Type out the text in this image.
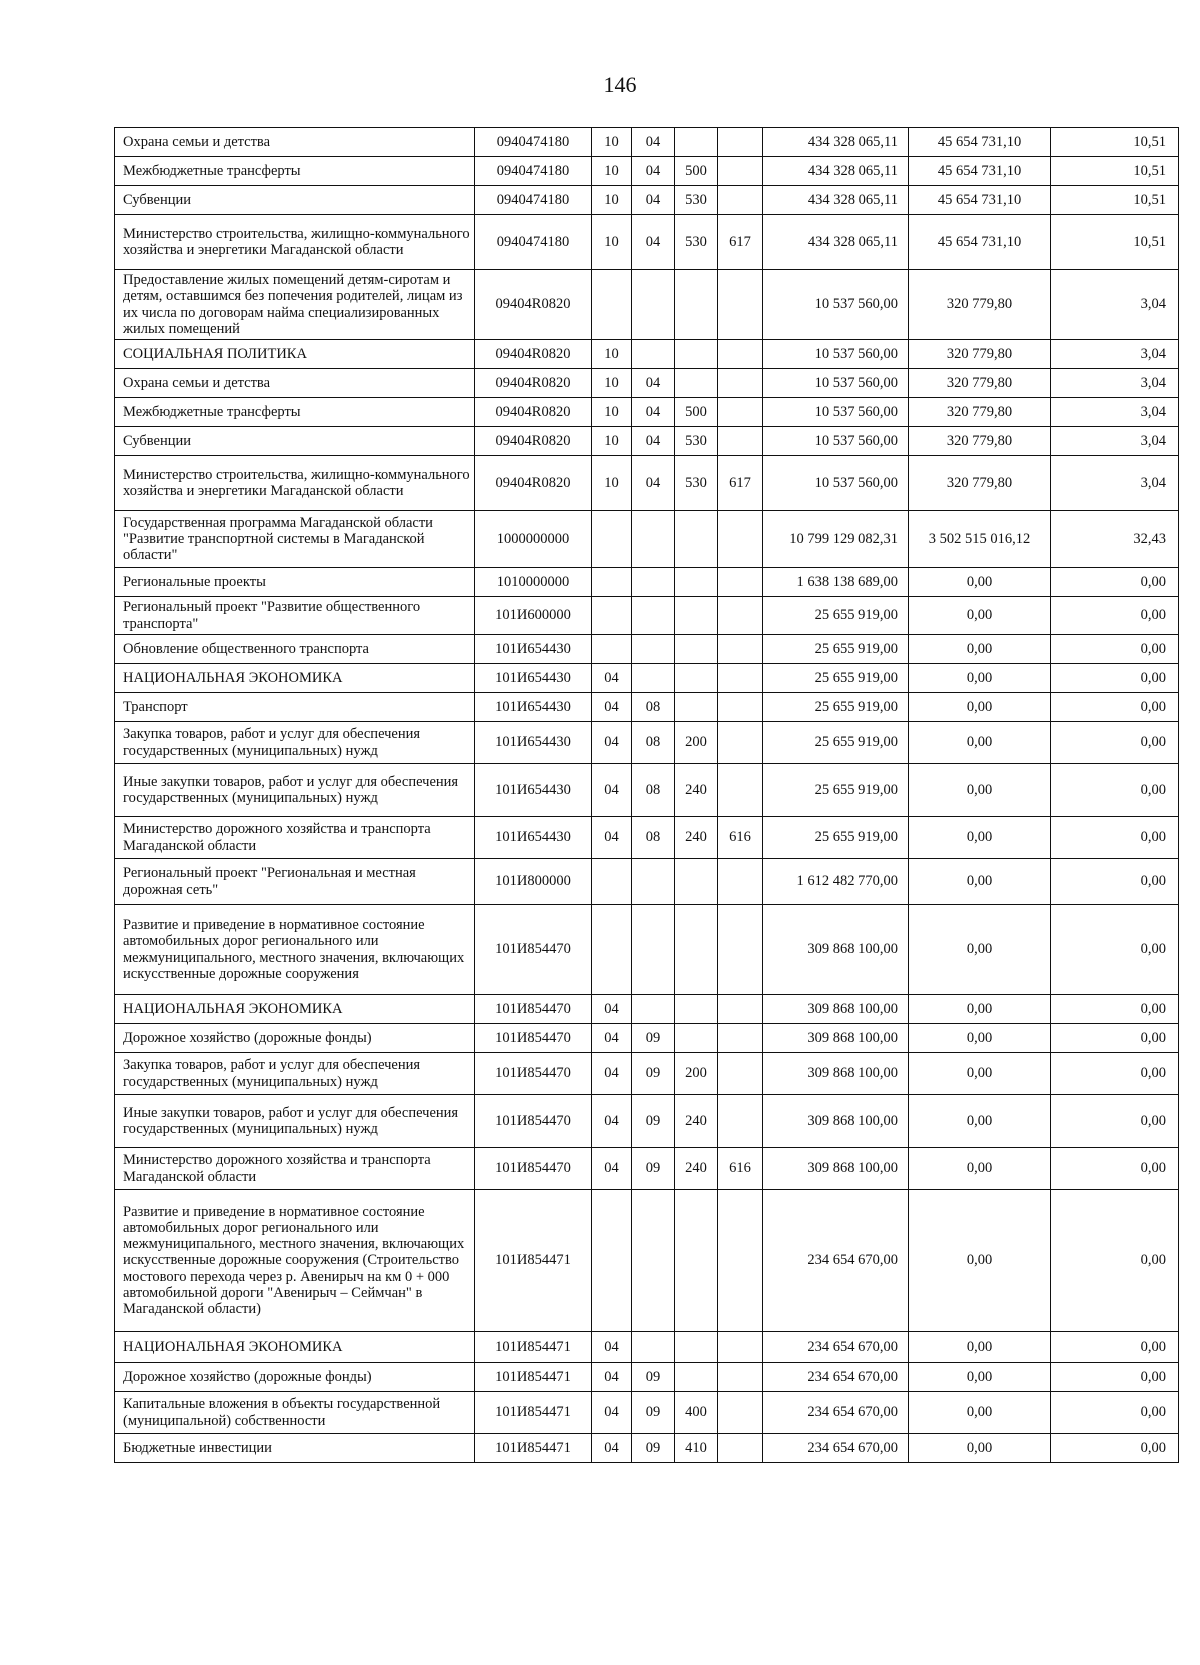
146
Охрана семьи и детства	0940474180	10	04			434 328 065,11	45 654 731,10	10,51
Межбюджетные трансферты	0940474180	10	04	500		434 328 065,11	45 654 731,10	10,51
Субвенции	0940474180	10	04	530		434 328 065,11	45 654 731,10	10,51
Министерство строительства, жилищно-коммунального хозяйства и энергетики Магаданской области	0940474180	10	04	530	617	434 328 065,11	45 654 731,10	10,51
Предоставление жилых помещений детям-сиротам и детям, оставшимся без попечения родителей, лицам из их числа по договорам найма специализированных жилых помещений	09404R0820					10 537 560,00	320 779,80	3,04
СОЦИАЛЬНАЯ ПОЛИТИКА	09404R0820	10				10 537 560,00	320 779,80	3,04
Охрана семьи и детства	09404R0820	10	04			10 537 560,00	320 779,80	3,04
Межбюджетные трансферты	09404R0820	10	04	500		10 537 560,00	320 779,80	3,04
Субвенции	09404R0820	10	04	530		10 537 560,00	320 779,80	3,04
Министерство строительства, жилищно-коммунального хозяйства и энергетики Магаданской области	09404R0820	10	04	530	617	10 537 560,00	320 779,80	3,04
Государственная программа Магаданской области "Развитие транспортной системы в Магаданской области"	1000000000					10 799 129 082,31	3 502 515 016,12	32,43
Региональные проекты	1010000000					1 638 138 689,00	0,00	0,00
Региональный проект "Развитие общественного транспорта"	101И600000					25 655 919,00	0,00	0,00
Обновление общественного транспорта	101И654430					25 655 919,00	0,00	0,00
НАЦИОНАЛЬНАЯ ЭКОНОМИКА	101И654430	04				25 655 919,00	0,00	0,00
Транспорт	101И654430	04	08			25 655 919,00	0,00	0,00
Закупка товаров, работ и услуг для обеспечения государственных (муниципальных) нужд	101И654430	04	08	200		25 655 919,00	0,00	0,00
Иные закупки товаров, работ и услуг для обеспечения государственных (муниципальных) нужд	101И654430	04	08	240		25 655 919,00	0,00	0,00
Министерство дорожного хозяйства и транспорта Магаданской области	101И654430	04	08	240	616	25 655 919,00	0,00	0,00
Региональный проект "Региональная и местная дорожная сеть"	101И800000					1 612 482 770,00	0,00	0,00
Развитие и приведение в нормативное состояние автомобильных дорог регионального или межмуниципального, местного значения, включающих искусственные дорожные сооружения	101И854470					309 868 100,00	0,00	0,00
НАЦИОНАЛЬНАЯ ЭКОНОМИКА	101И854470	04				309 868 100,00	0,00	0,00
Дорожное хозяйство (дорожные фонды)	101И854470	04	09			309 868 100,00	0,00	0,00
Закупка товаров, работ и услуг для обеспечения государственных (муниципальных) нужд	101И854470	04	09	200		309 868 100,00	0,00	0,00
Иные закупки товаров, работ и услуг для обеспечения государственных (муниципальных) нужд	101И854470	04	09	240		309 868 100,00	0,00	0,00
Министерство дорожного хозяйства и транспорта Магаданской области	101И854470	04	09	240	616	309 868 100,00	0,00	0,00
Развитие и приведение в нормативное состояние автомобильных дорог регионального или межмуниципального, местного значения, включающих искусственные дорожные сооружения (Строительство мостового перехода через р. Авенирыч на км 0 + 000 автомобильной дороги "Авенирыч – Сеймчан" в Магаданской области)	101И854471					234 654 670,00	0,00	0,00
НАЦИОНАЛЬНАЯ ЭКОНОМИКА	101И854471	04				234 654 670,00	0,00	0,00
Дорожное хозяйство (дорожные фонды)	101И854471	04	09			234 654 670,00	0,00	0,00
Капитальные вложения в объекты государственной (муниципальной) собственности	101И854471	04	09	400		234 654 670,00	0,00	0,00
Бюджетные инвестиции	101И854471	04	09	410		234 654 670,00	0,00	0,00
